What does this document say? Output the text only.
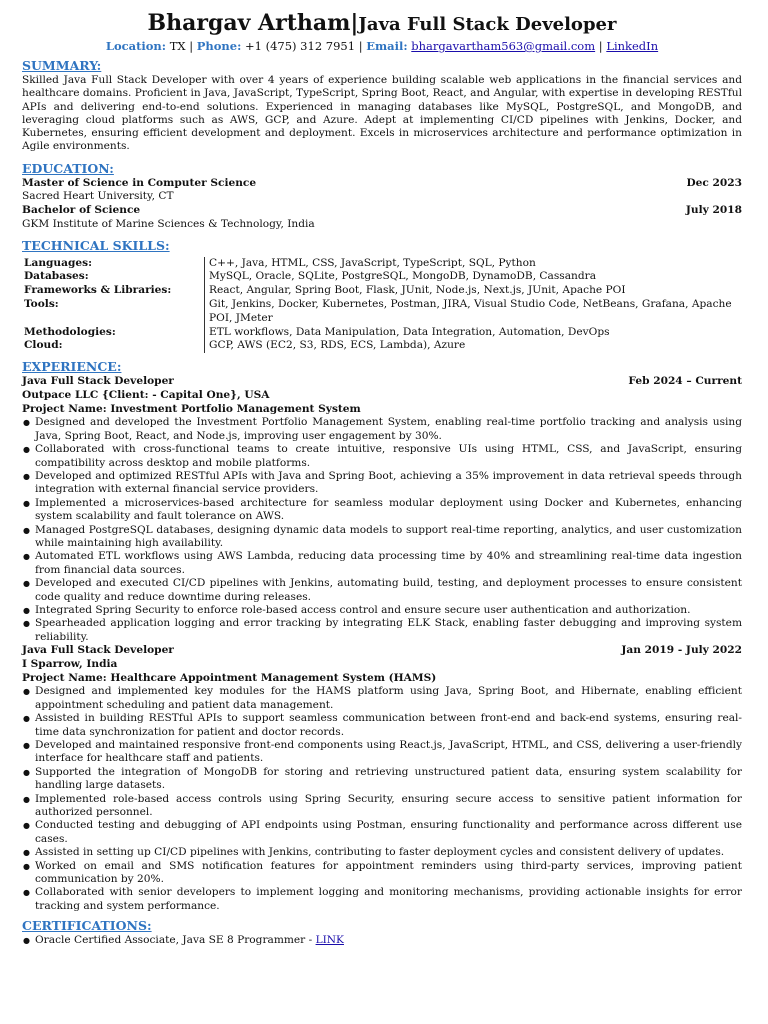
Bhargav Artham|Java Full Stack Developer
Location: TX | Phone: +1 (475) 312 7951 | Email: bhargavartham563@gmail.com | LinkedIn
SUMMARY:
Skilled Java Full Stack Developer with over 4 years of experience building scalable web applications in the financial services and healthcare domains. Proficient in Java, JavaScript, TypeScript, Spring Boot, React, and Angular, with expertise in developing RESTful APIs and delivering end-to-end solutions. Experienced in managing databases like MySQL, PostgreSQL, and MongoDB, and leveraging cloud platforms such as AWS, GCP, and Azure. Adept at implementing CI/CD pipelines with Jenkins, Docker, and Kubernetes, ensuring efficient development and deployment. Excels in microservices architecture and performance optimization in Agile environments.
EDUCATION:
Master of Science in Computer Science	Dec 2023
Sacred Heart University, CT
Bachelor of Science	July 2018
GKM Institute of Marine Sciences & Technology, India
TECHNICAL SKILLS:
Languages:	C++, Java, HTML, CSS, JavaScript, TypeScript, SQL, Python
Databases:	MySQL, Oracle, SQLite, PostgreSQL, MongoDB, DynamoDB, Cassandra
Frameworks & Libraries:	React, Angular, Spring Boot, Flask, JUnit, Node.js, Next.js, JUnit, Apache POI
Tools:	Git, Jenkins, Docker, Kubernetes, Postman, JIRA, Visual Studio Code, NetBeans, Grafana, Apache POI, JMeter
Methodologies:	ETL workflows, Data Manipulation, Data Integration, Automation, DevOps
Cloud:	GCP, AWS (EC2, S3, RDS, ECS, Lambda), Azure
EXPERIENCE:
Java Full Stack Developer	Feb 2024 – Current
Outpace LLC {Client: - Capital One}, USA
Project Name: Investment Portfolio Management System
● Designed and developed the Investment Portfolio Management System, enabling real-time portfolio tracking and analysis using Java, Spring Boot, React, and Node.js, improving user engagement by 30%.
● Collaborated with cross-functional teams to create intuitive, responsive UIs using HTML, CSS, and JavaScript, ensuring compatibility across desktop and mobile platforms.
● Developed and optimized RESTful APIs with Java and Spring Boot, achieving a 35% improvement in data retrieval speeds through integration with external financial service providers.
● Implemented a microservices-based architecture for seamless modular deployment using Docker and Kubernetes, enhancing system scalability and fault tolerance on AWS.
● Managed PostgreSQL databases, designing dynamic data models to support real-time reporting, analytics, and user customization while maintaining high availability.
● Automated ETL workflows using AWS Lambda, reducing data processing time by 40% and streamlining real-time data ingestion from financial data sources.
● Developed and executed CI/CD pipelines with Jenkins, automating build, testing, and deployment processes to ensure consistent code quality and reduce downtime during releases.
● Integrated Spring Security to enforce role-based access control and ensure secure user authentication and authorization.
● Spearheaded application logging and error tracking by integrating ELK Stack, enabling faster debugging and improving system reliability.
Java Full Stack Developer	Jan 2019 - July 2022
I Sparrow, India
Project Name: Healthcare Appointment Management System (HAMS)
● Designed and implemented key modules for the HAMS platform using Java, Spring Boot, and Hibernate, enabling efficient appointment scheduling and patient data management.
● Assisted in building RESTful APIs to support seamless communication between front-end and back-end systems, ensuring real-time data synchronization for patient and doctor records.
● Developed and maintained responsive front-end components using React.js, JavaScript, HTML, and CSS, delivering a user-friendly interface for healthcare staff and patients.
● Supported the integration of MongoDB for storing and retrieving unstructured patient data, ensuring system scalability for handling large datasets.
● Implemented role-based access controls using Spring Security, ensuring secure access to sensitive patient information for authorized personnel.
● Conducted testing and debugging of API endpoints using Postman, ensuring functionality and performance across different use cases.
● Assisted in setting up CI/CD pipelines with Jenkins, contributing to faster deployment cycles and consistent delivery of updates.
● Worked on email and SMS notification features for appointment reminders using third-party services, improving patient communication by 20%.
● Collaborated with senior developers to implement logging and monitoring mechanisms, providing actionable insights for error tracking and system performance.
CERTIFICATIONS:
● Oracle Certified Associate, Java SE 8 Programmer - LINK
